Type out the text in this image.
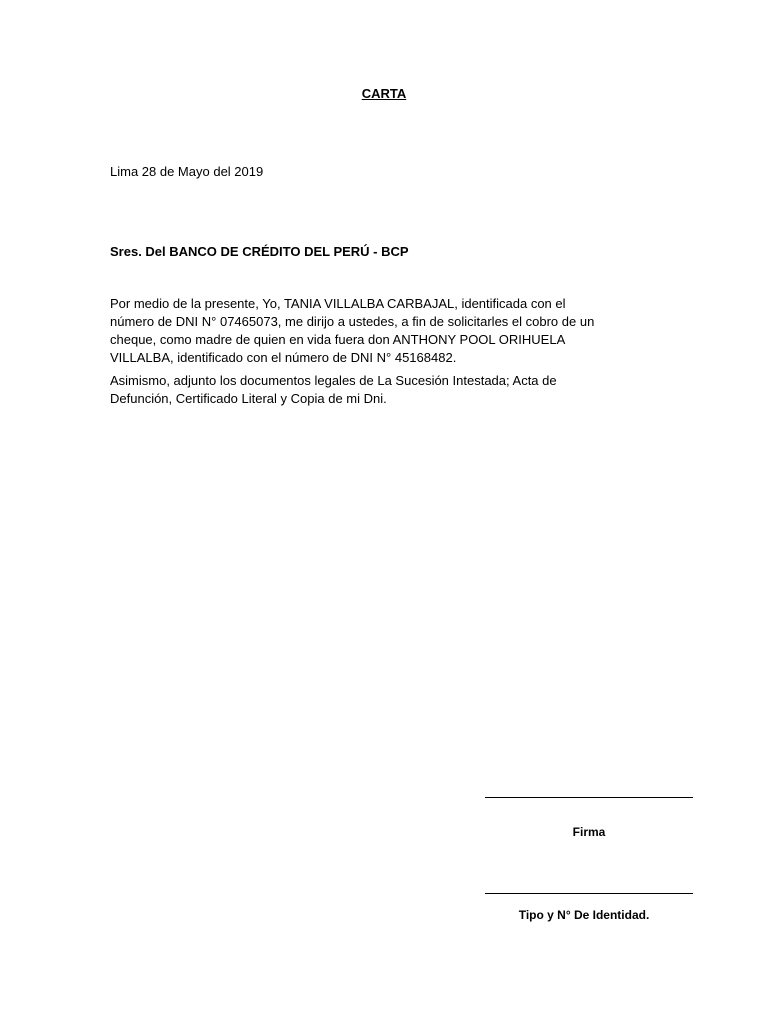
CARTA
Lima 28 de Mayo del 2019
Sres. Del BANCO DE CRÉDITO DEL PERÚ - BCP
Por medio de la presente, Yo, TANIA VILLALBA CARBAJAL, identificada con el
número de DNI N° 07465073, me dirijo a ustedes, a fin de solicitarles el cobro de un
cheque, como madre de quien en vida fuera don ANTHONY POOL ORIHUELA
VILLALBA, identificado con el número de DNI N° 45168482.
Asimismo, adjunto los documentos legales de La Sucesión Intestada; Acta de
Defunción, Certificado Literal y Copia de mi Dni.
Firma
Tipo y N° De Identidad.
